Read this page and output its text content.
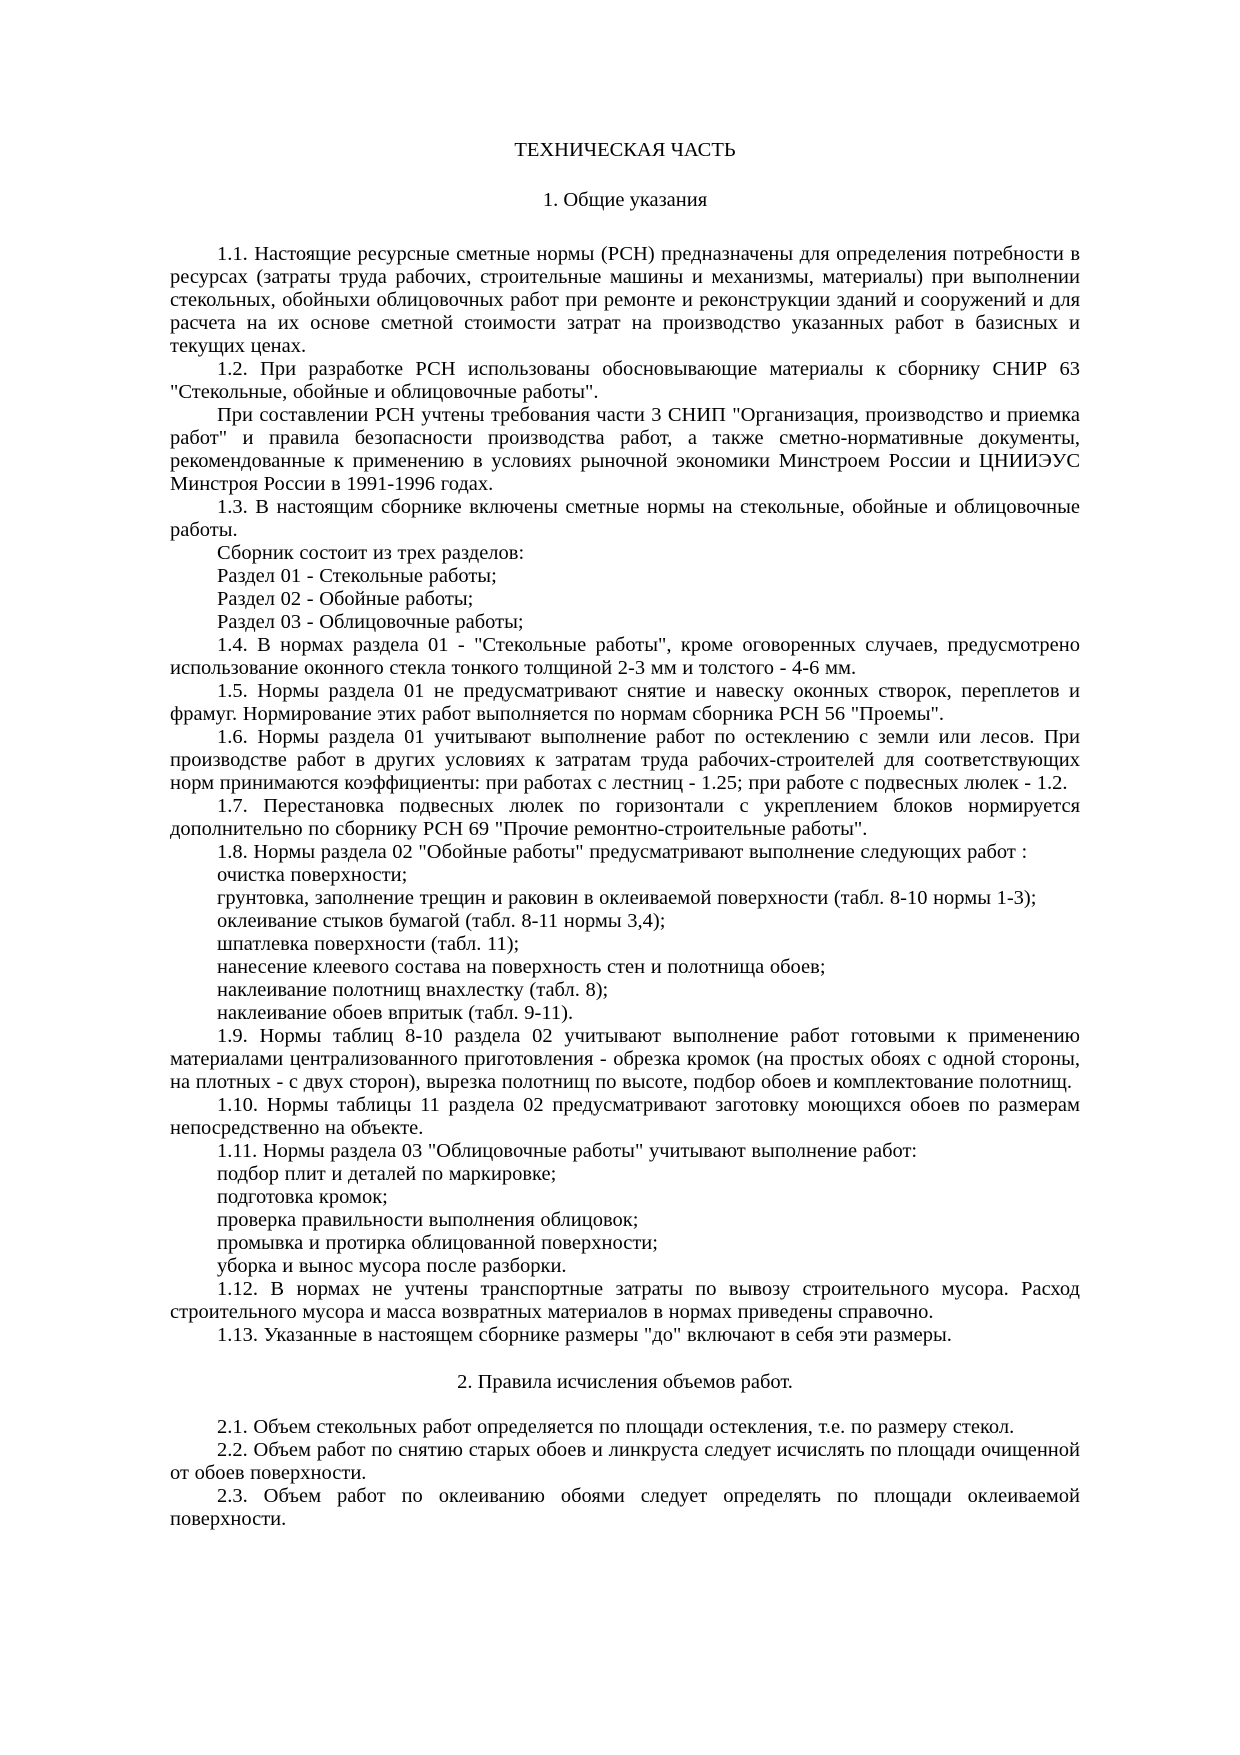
ТЕХНИЧЕСКАЯ ЧАСТЬ
1. Общие указания

1.1. Настоящие ресурсные сметные нормы (РСН) предназначены для определения потребности в ресурсах (затраты труда рабочих, строительные машины и механизмы, материалы) при выполнении стекольных, обойныхи облицовочных работ при ремонте и реконструкции зданий и сооружений и для расчета на их основе сметной стоимости затрат на производство указанных работ в базисных и текущих ценах.

1.2. При разработке РСН использованы обосновывающие материалы к сборнику СНИР 63 "Стекольные, обойные и облицовочные работы".

При составлении РСН учтены требования части 3 СНИП "Организация, производство и приемка работ" и правила безопасности производства работ, а также сметно-нормативные документы, рекомендованные к применению в условиях рыночной экономики Минстроем России и ЦНИИЭУС Минстроя России в 1991-1996 годах.

1.3. В настоящим сборнике включены сметные нормы на стекольные, обойные и облицовочные работы.

Сборник состоит из трех разделов:

Раздел 01 - Стекольные работы;

Раздел 02 - Обойные работы;

Раздел 03 - Облицовочные работы;

1.4. В нормах раздела 01 - "Стекольные работы", кроме оговоренных случаев, предусмотрено использование оконного стекла тонкого толщиной 2-3 мм и толстого - 4-6 мм.

1.5. Нормы раздела 01 не предусматривают снятие и навеску оконных створок, переплетов и фрамуг. Нормирование этих работ выполняется по нормам сборника РСН 56 "Проемы".

1.6. Нормы раздела 01 учитывают выполнение работ по остеклению с земли или лесов. При производстве работ в других условиях к затратам труда рабочих-строителей для соответствующих норм принимаются коэффициенты: при работах с лестниц - 1.25; при работе с подвесных люлек - 1.2.

1.7. Перестановка подвесных люлек по горизонтали с укреплением блоков нормируется дополнительно по сборнику РСН 69 "Прочие ремонтно-строительные работы".

1.8. Нормы раздела 02 "Обойные работы" предусматривают выполнение следующих работ :

очистка поверхности;

грунтовка, заполнение трещин и раковин в оклеиваемой поверхности (табл. 8-10 нормы 1-3);

оклеивание стыков бумагой (табл. 8-11 нормы 3,4);

шпатлевка поверхности (табл. 11);

нанесение клеевого состава на поверхность стен и полотнища обоев;

наклеивание полотнищ внахлестку (табл. 8);

наклеивание обоев впритык (табл. 9-11).

1.9. Нормы таблиц 8-10 раздела 02 учитывают выполнение работ готовыми к применению материалами централизованного приготовления - обрезка кромок (на простых обоях с одной стороны, на плотных - с двух сторон), вырезка полотнищ по высоте, подбор обоев и комплектование полотнищ.

1.10. Нормы таблицы 11 раздела 02 предусматривают заготовку моющихся обоев по размерам непосредственно на объекте.

1.11. Нормы раздела 03 "Облицовочные работы" учитывают выполнение работ:

подбор плит и деталей по маркировке;

подготовка кромок;

проверка правильности выполнения облицовок;

промывка и протирка облицованной поверхности;

уборка и вынос мусора после разборки.

1.12. В нормах не учтены транспортные затраты по вывозу строительного мусора. Расход строительного мусора и масса возвратных материалов в нормах приведены справочно.

1.13. Указанные в настоящем сборнике размеры "до" включают в себя эти размеры.

2. Правила исчисления объемов работ.

2.1. Объем стекольных работ определяется по площади остекления, т.е. по размеру стекол.

2.2. Объем работ по снятию старых обоев и линкруста следует исчислять по площади очищенной от обоев поверхности.

2.3. Объем работ по оклеиванию обоями следует определять по площади оклеиваемой поверхности.
